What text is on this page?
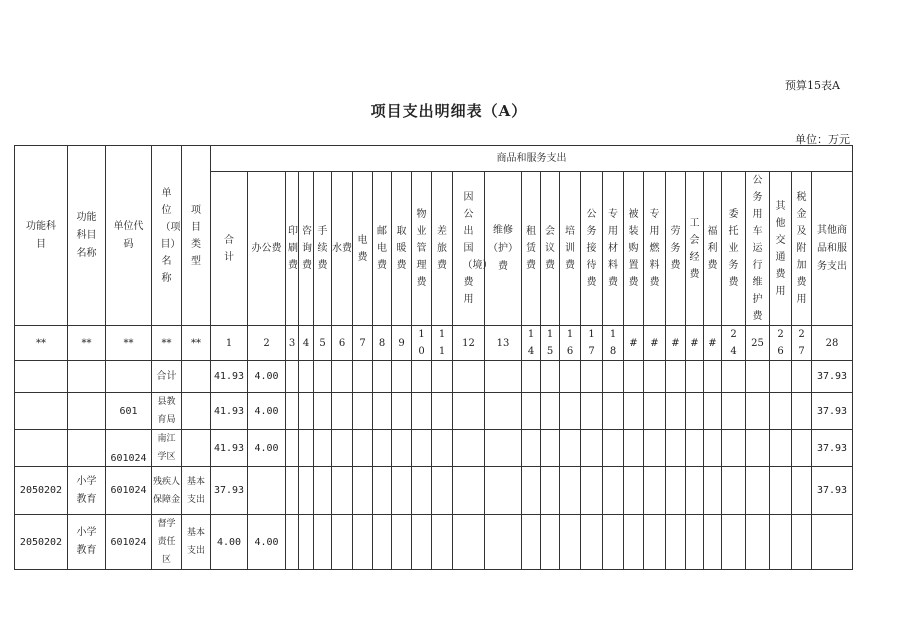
预算15表A
项目支出明细表（A）
单位：万元
功能科目	功能科目名称	单位代码	单位（项目）名称	项目类型	商品和服务支出																											
					合计	办公费	印刷费	咨询费	手续费	水费	电费	邮电费	取暖费	物业管理费	差旅费	因公出国（境）费用	维修（护）费	租赁费	会议费	培训费	公务接待费	专用材料费	被装购置费	专用燃料费	劳务费	工会经费	福利费	委托业务费	公务用车运行维护费	其他交通费用	税金及附加费用	其他商品和服务支出
**	**	**	**	**	1	2	3	4	5	6	7	8	9	10	11	12	13	14	15	16	17	18	#	#	#	#	#	24	25	26	27	28
			合计		41.93	4.00																										37.93
		601	县教育局		41.93	4.00																										37.93
		601024	南江学区		41.93	4.00																										37.93
2050202	小学教育	601024	残疾人保障金	基本支出	37.93																											37.93
2050202	小学教育	601024	督学责任区	基本支出	4.00	4.00																										
